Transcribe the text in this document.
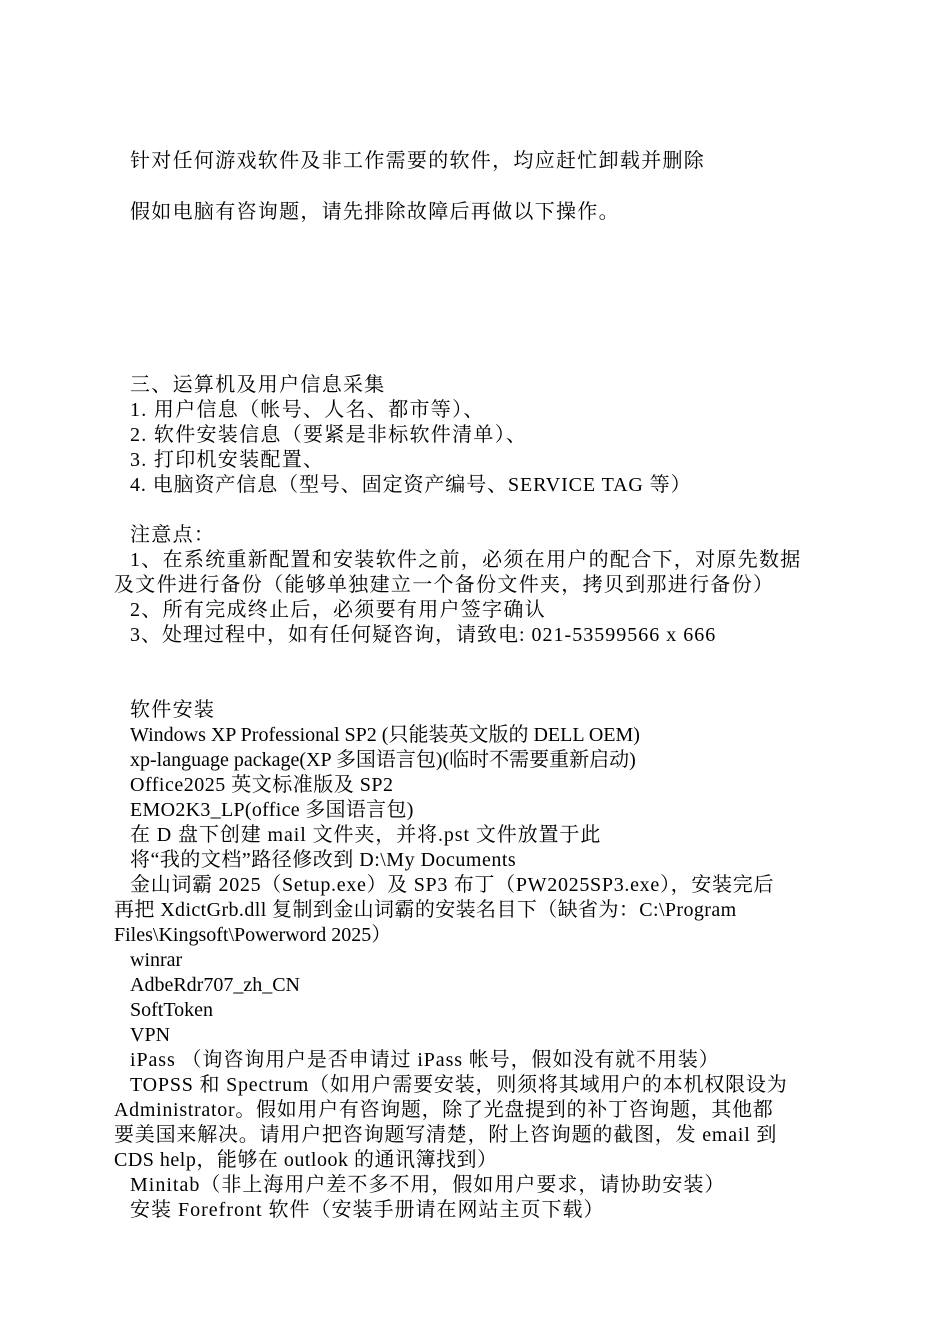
针对任何游戏软件及非工作需要的软件，均应赶忙卸载并删除
假如电脑有咨询题，请先排除故障后再做以下操作。
三、运算机及用户信息采集
1. 用户信息（帐号、人名、都市等）、
2. 软件安装信息（要紧是非标软件清单）、
3. 打印机安装配置、
4. 电脑资产信息（型号、固定资产编号、SERVICE TAG 等）
注意点：
1、在系统重新配置和安装软件之前，必须在用户的配合下，对原先数据
及文件进行备份（能够单独建立一个备份文件夹，拷贝到那进行备份）
2、所有完成终止后，必须要有用户签字确认
3、处理过程中，如有任何疑咨询，请致电: 021-53599566 x 666
软件安装
Windows XP Professional SP2 (只能装英文版的 DELL OEM)
xp-language package(XP 多国语言包)(临时不需要重新启动)
Office2025 英文标准版及 SP2
EMO2K3_LP(office 多国语言包)
在 D 盘下创建 mail 文件夹，并将.pst 文件放置于此
将“我的文档”路径修改到 D:\My Documents
金山词霸 2025（Setup.exe）及 SP3 布丁（PW2025SP3.exe），安装完后
再把 XdictGrb.dll 复制到金山词霸的安装名目下（缺省为：C:\Program
Files\Kingsoft\Powerword 2025）
winrar
AdbeRdr707_zh_CN
SoftToken
VPN
iPass （询咨询用户是否申请过 iPass 帐号，假如没有就不用装）
TOPSS 和 Spectrum（如用户需要安装，则须将其域用户的本机权限设为
Administrator。假如用户有咨询题，除了光盘提到的补丁咨询题，其他都
要美国来解决。请用户把咨询题写清楚，附上咨询题的截图，发 email 到
CDS help，能够在 outlook 的通讯簿找到）
Minitab（非上海用户差不多不用，假如用户要求，请协助安装）
安装 Forefront 软件（安装手册请在网站主页下载）
